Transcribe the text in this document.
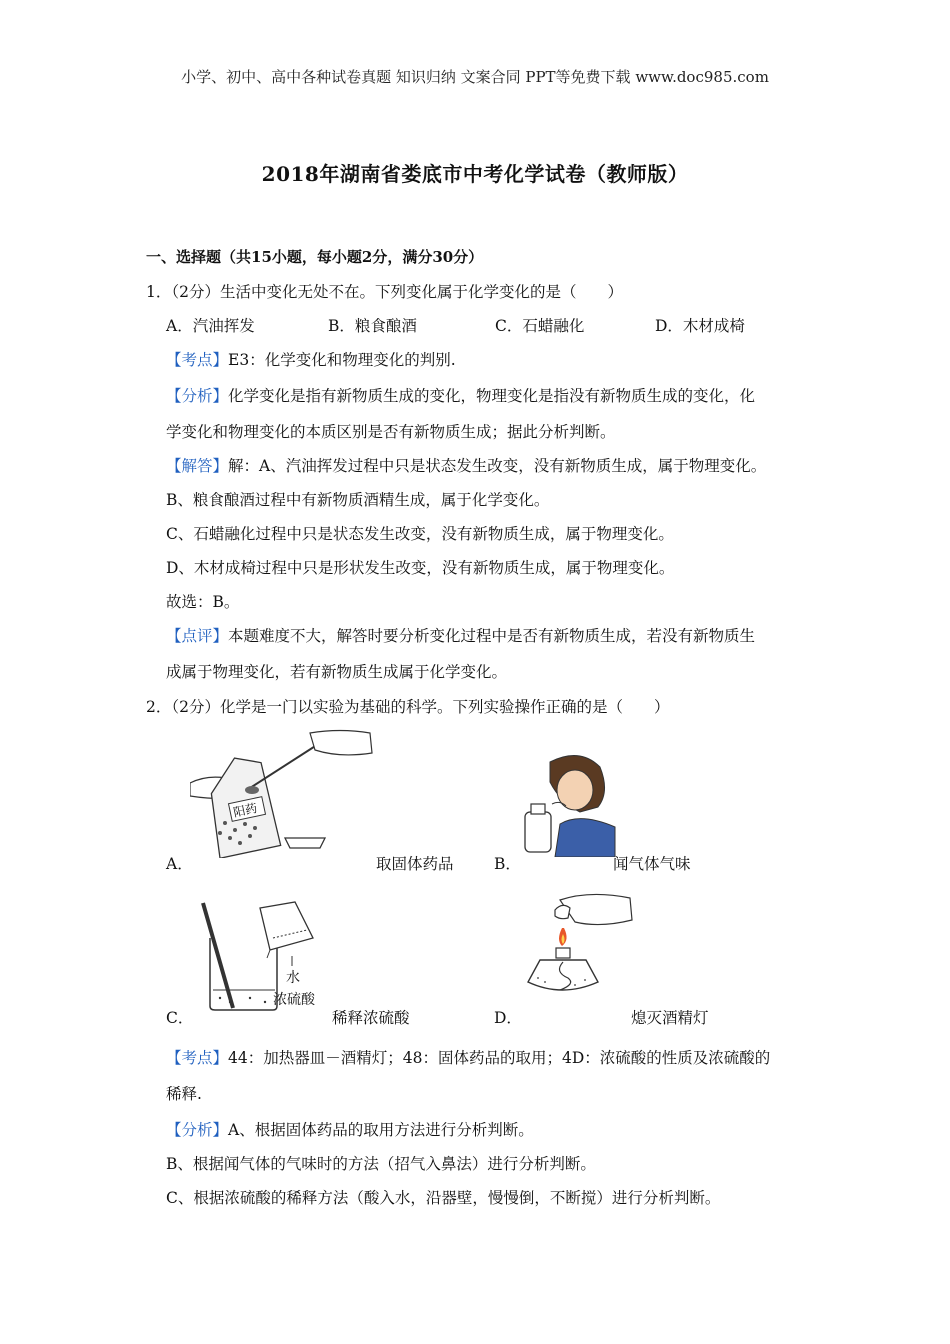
小学、初中、高中各种试卷真题 知识归纳 文案合同 PPT等免费下载 www.doc985.com
2018年湖南省娄底市中考化学试卷（教师版）
一、选择题（共15小题，每小题2分，满分30分）
1．（2分）生活中变化无处不在。下列变化属于化学变化的是（　　）
A．汽油挥发	B．粮食酿酒	C．石蜡融化	D．木材成椅
【考点】E3：化学变化和物理变化的判别.
【分析】化学变化是指有新物质生成的变化，物理变化是指没有新物质生成的变化，化
学变化和物理变化的本质区别是否有新物质生成；据此分析判断。
【解答】解：A、汽油挥发过程中只是状态发生改变，没有新物质生成，属于物理变化。
B、粮食酿酒过程中有新物质酒精生成，属于化学变化。
C、石蜡融化过程中只是状态发生改变，没有新物质生成，属于物理变化。
D、木材成椅过程中只是形状发生改变，没有新物质生成，属于物理变化。
故选：B。
【点评】本题难度不大，解答时要分析变化过程中是否有新物质生成，若没有新物质生
成属于物理变化，若有新物质生成属于化学变化。
2．（2分）化学是一门以实验为基础的科学。下列实验操作正确的是（　　）
阳药
A．	取固体药品	B．	闻气体气味
水
浓硫酸
C．	稀释浓硫酸	D．	熄灭酒精灯
【考点】44：加热器皿－酒精灯；48：固体药品的取用；4D：浓硫酸的性质及浓硫酸的
稀释.
【分析】A、根据固体药品的取用方法进行分析判断。
B、根据闻气体的气味时的方法（招气入鼻法）进行分析判断。
C、根据浓硫酸的稀释方法（酸入水，沿器壁，慢慢倒，不断搅）进行分析判断。
